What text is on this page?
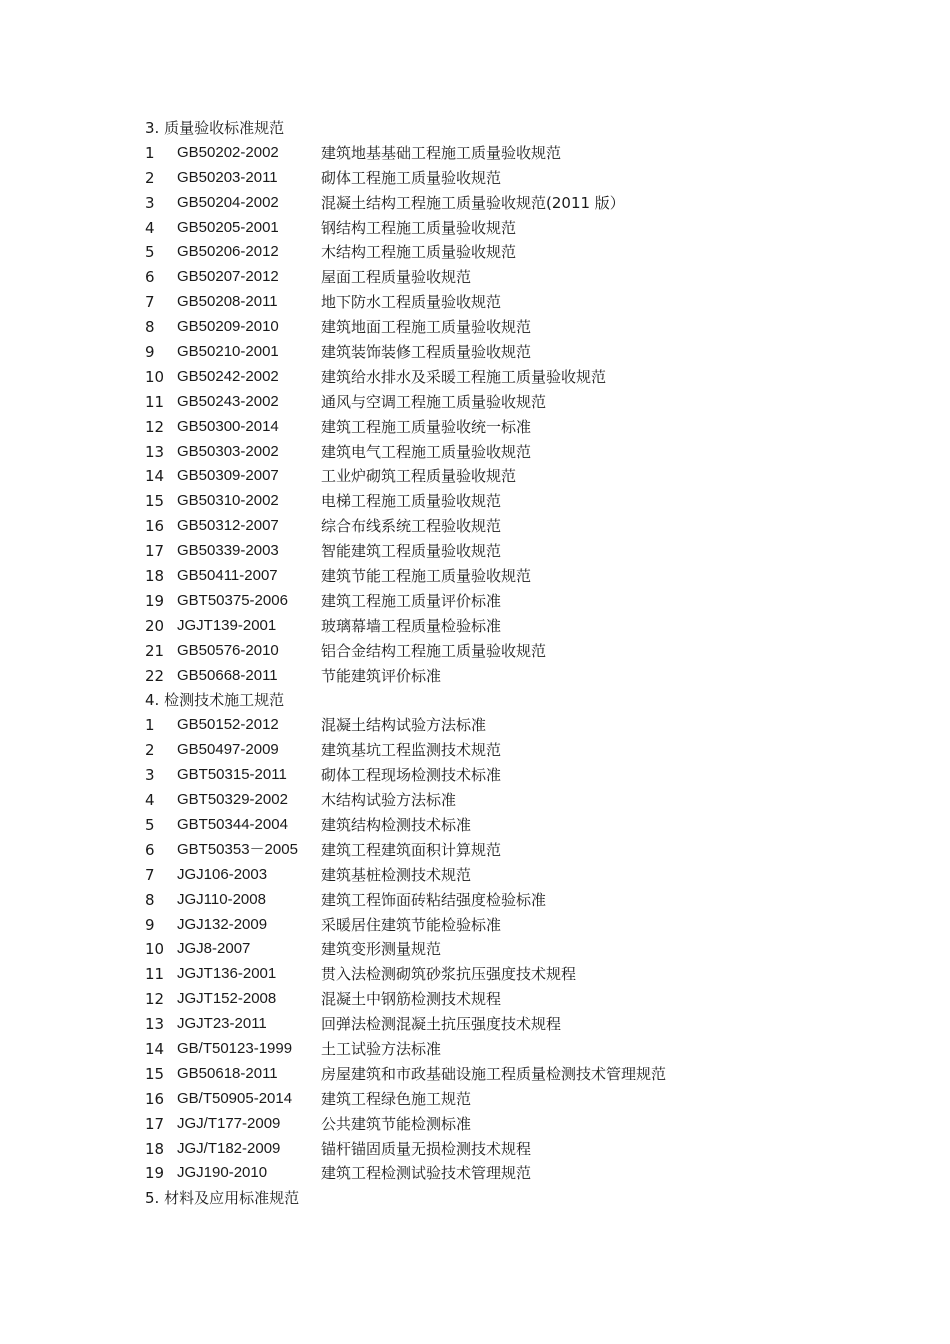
3. 质量验收标准规范
1	GB50202-2002	建筑地基基础工程施工质量验收规范
2	GB50203-2011	砌体工程施工质量验收规范
3	GB50204-2002	混凝土结构工程施工质量验收规范(2011 版）
4	GB50205-2001	钢结构工程施工质量验收规范
5	GB50206-2012	木结构工程施工质量验收规范
6	GB50207-2012	屋面工程质量验收规范
7	GB50208-2011	地下防水工程质量验收规范
8	GB50209-2010	建筑地面工程施工质量验收规范
9	GB50210-2001	建筑装饰装修工程质量验收规范
10 GB50242-2002	建筑给水排水及采暖工程施工质量验收规范
11 GB50243-2002	通风与空调工程施工质量验收规范
12 GB50300-2014	建筑工程施工质量验收统一标准
13 GB50303-2002	建筑电气工程施工质量验收规范
14 GB50309-2007	工业炉砌筑工程质量验收规范
15 GB50310-2002	电梯工程施工质量验收规范
16 GB50312-2007	综合布线系统工程验收规范
17 GB50339-2003	智能建筑工程质量验收规范
18 GB50411-2007	建筑节能工程施工质量验收规范
19 GBT50375-2006 建筑工程施工质量评价标准
20 JGJT139-2001	玻璃幕墙工程质量检验标准
21 GB50576-2010	铝合金结构工程施工质量验收规范
22 GB50668-2011	节能建筑评价标准
4. 检测技术施工规范
1	GB50152-2012	混凝土结构试验方法标准
2	GB50497-2009	建筑基坑工程监测技术规范
3	GBT50315-2011 砌体工程现场检测技术标准
4	GBT50329-2002 木结构试验方法标准
5	GBT50344-2004 建筑结构检测技术标准
6	GBT50353－2005 建筑工程建筑面积计算规范
7	JGJ106-2003	建筑基桩检测技术规范
8	JGJ110-2008	建筑工程饰面砖粘结强度检验标准
9	JGJ132-2009	采暖居住建筑节能检验标准
10 JGJ8-2007	建筑变形测量规范
11 JGJT136-2001	贯入法检测砌筑砂浆抗压强度技术规程
12 JGJT152-2008	混凝土中钢筋检测技术规程
13 JGJT23-2011	回弹法检测混凝土抗压强度技术规程
14 GB/T50123-1999 土工试验方法标准
15 GB50618-2011	房屋建筑和市政基础设施工程质量检测技术管理规范
16 GB/T50905-2014 建筑工程绿色施工规范
17 JGJ/T177-2009	公共建筑节能检测标准
18 JGJ/T182-2009	锚杆锚固质量无损检测技术规程
19 JGJ190-2010	建筑工程检测试验技术管理规范
5. 材料及应用标准规范
